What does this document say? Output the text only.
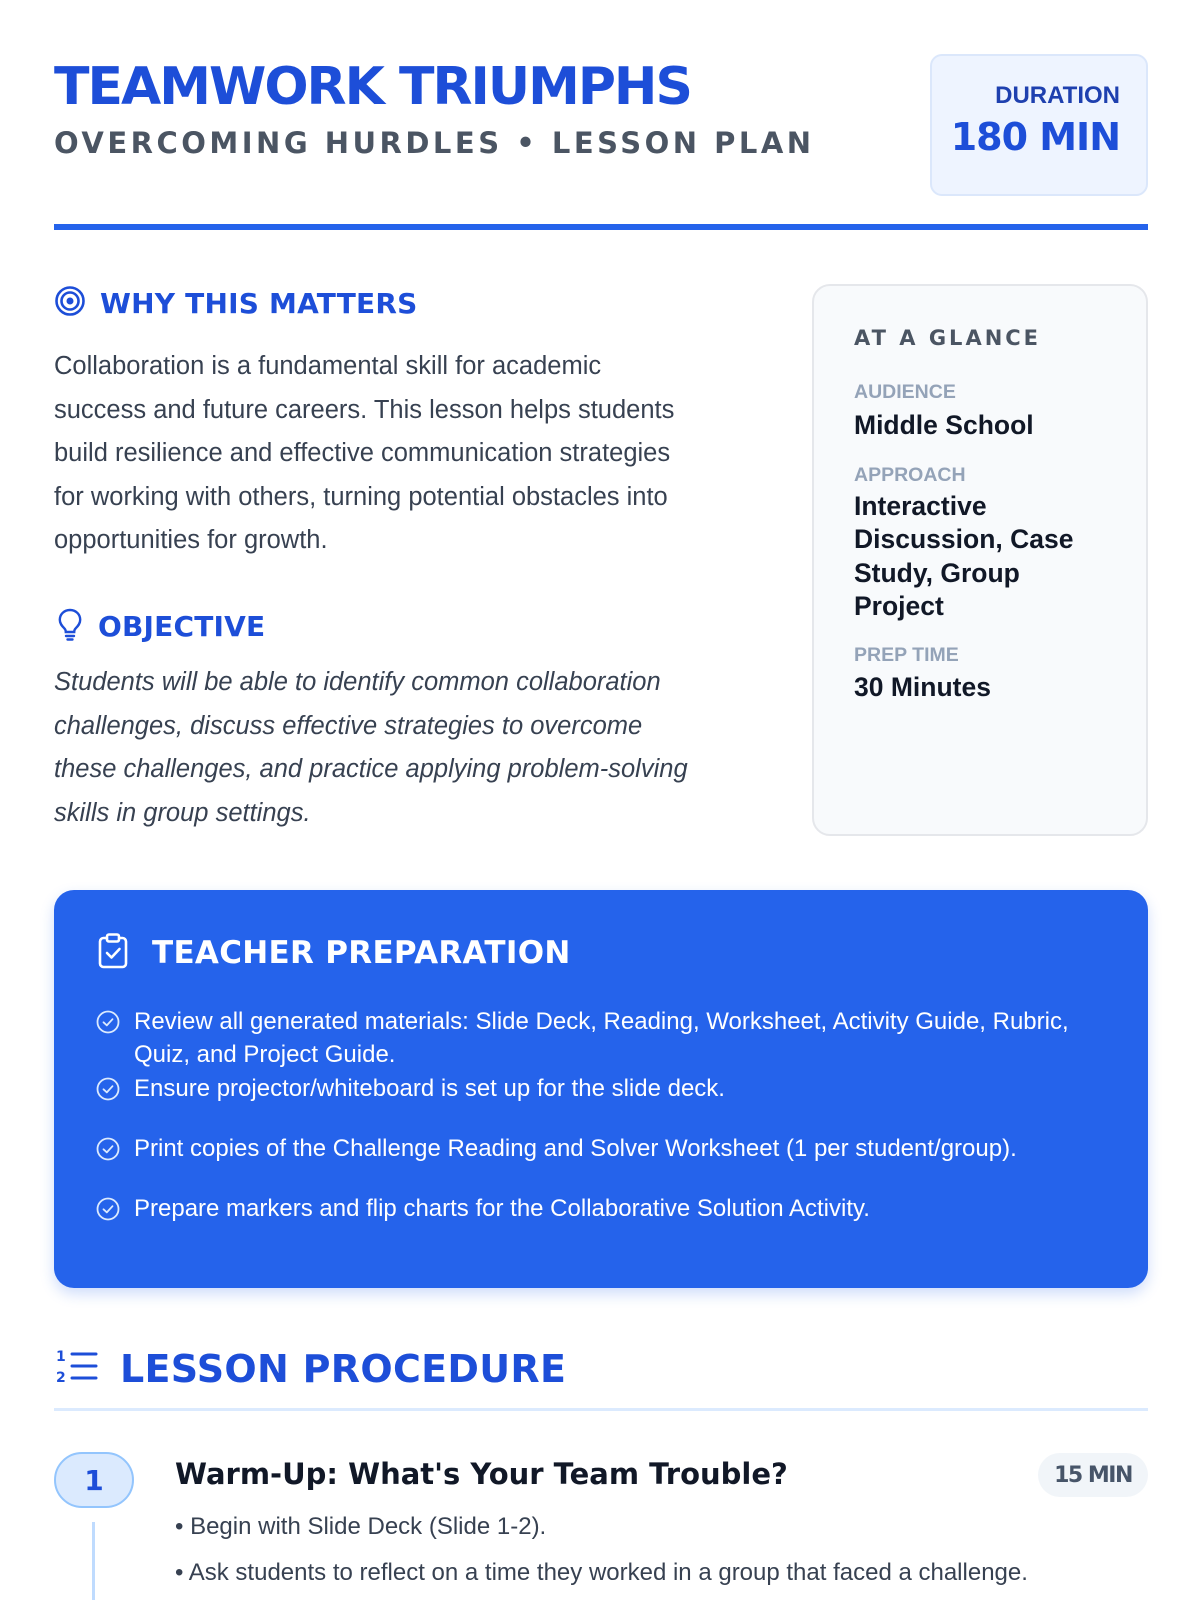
TEAMWORK TRIUMPHS
OVERCOMING HURDLES • LESSON PLAN
DURATION
180 MIN
WHY THIS MATTERS
Collaboration is a fundamental skill for academic
success and future careers. This lesson helps students
build resilience and effective communication strategies
for working with others, turning potential obstacles into
opportunities for growth.
OBJECTIVE
Students will be able to identify common collaboration
challenges, discuss effective strategies to overcome
these challenges, and practice applying problem-solving
skills in group settings.
AT A GLANCE
AUDIENCE
Middle School
APPROACH
Interactive
Discussion, Case
Study, Group
Project
PREP TIME
30 Minutes
TEACHER PREPARATION
Review all generated materials: Slide Deck, Reading, Worksheet, Activity Guide, Rubric,
Quiz, and Project Guide.
Ensure projector/whiteboard is set up for the slide deck.
Print copies of the Challenge Reading and Solver Worksheet (1 per student/group).
Prepare markers and flip charts for the Collaborative Solution Activity.
1
2 LESSON PROCEDURE
1	Warm-Up: What's Your Team Trouble?	15 MIN
• Begin with Slide Deck (Slide 1-2).
• Ask students to reflect on a time they worked in a group that faced a challenge.
